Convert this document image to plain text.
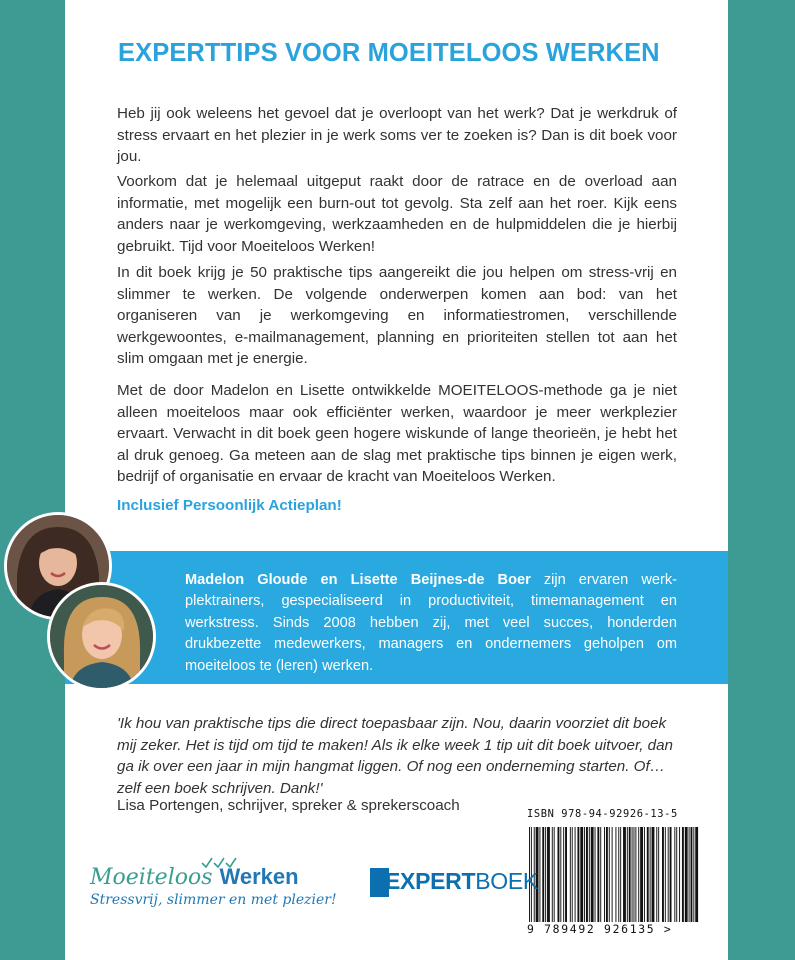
EXPERTTIPS VOOR MOEITELOOS WERKEN

Heb jij ook weleens het gevoel dat je overloopt van het werk? Dat je werkdruk of stress ervaart en het plezier in je werk soms ver te zoeken is? Dan is dit boek voor jou.

Voorkom dat je helemaal uitgeput raakt door de ratrace en de overload aan informatie, met mogelijk een burn-out tot gevolg. Sta zelf aan het roer. Kijk eens anders naar je werkomgeving, werkzaamheden en de hulpmiddelen die je hierbij gebruikt. Tijd voor Moeiteloos Werken!

In dit boek krijg je 50 praktische tips aangereikt die jou helpen om stress-vrij en slimmer te werken. De volgende onderwerpen komen aan bod: van het organiseren van je werkomgeving en informatiestromen, verschillende werkgewoontes, e-mailmanagement, planning en prioriteiten stellen tot aan het slim omgaan met je energie.

Met de door Madelon en Lisette ontwikkelde MOEITELOOS-methode ga je niet alleen moeiteloos maar ook efficiënter werken, waardoor je meer werkplezier ervaart. Verwacht in dit boek geen hogere wiskunde of lange theorieën, je hebt het al druk genoeg. Ga meteen aan de slag met praktische tips binnen je eigen werk, bedrijf of organisatie en ervaar de kracht van Moeiteloos Werken.

Inclusief Persoonlijk Actieplan!

Madelon Gloude en Lisette Beijnes-de Boer zijn ervaren werk-plektrainers, gespecialiseerd in productiviteit, timemanagement en werkstress. Sinds 2008 hebben zij, met veel succes, honderden drukbezette medewerkers, managers en ondernemers geholpen om moeiteloos te (leren) werken.

'Ik hou van praktische tips die direct toepasbaar zijn. Nou, daarin voorziet dit boek mij zeker. Het is tijd om tijd te maken! Als ik elke week 1 tip uit dit boek uitvoer, dan ga ik over een jaar in mijn hangmat liggen. Of nog een onderneming starten. Of… zelf een boek schrijven. Dank!'

Lisa Portengen, schrijver, spreker & sprekerscoach	ISBN 978-94-92926-13-5
9 789492 926135 >
Moeiteloos Werken
Stressvrij, slimmer en met plezier!
EXPERTBOEK
